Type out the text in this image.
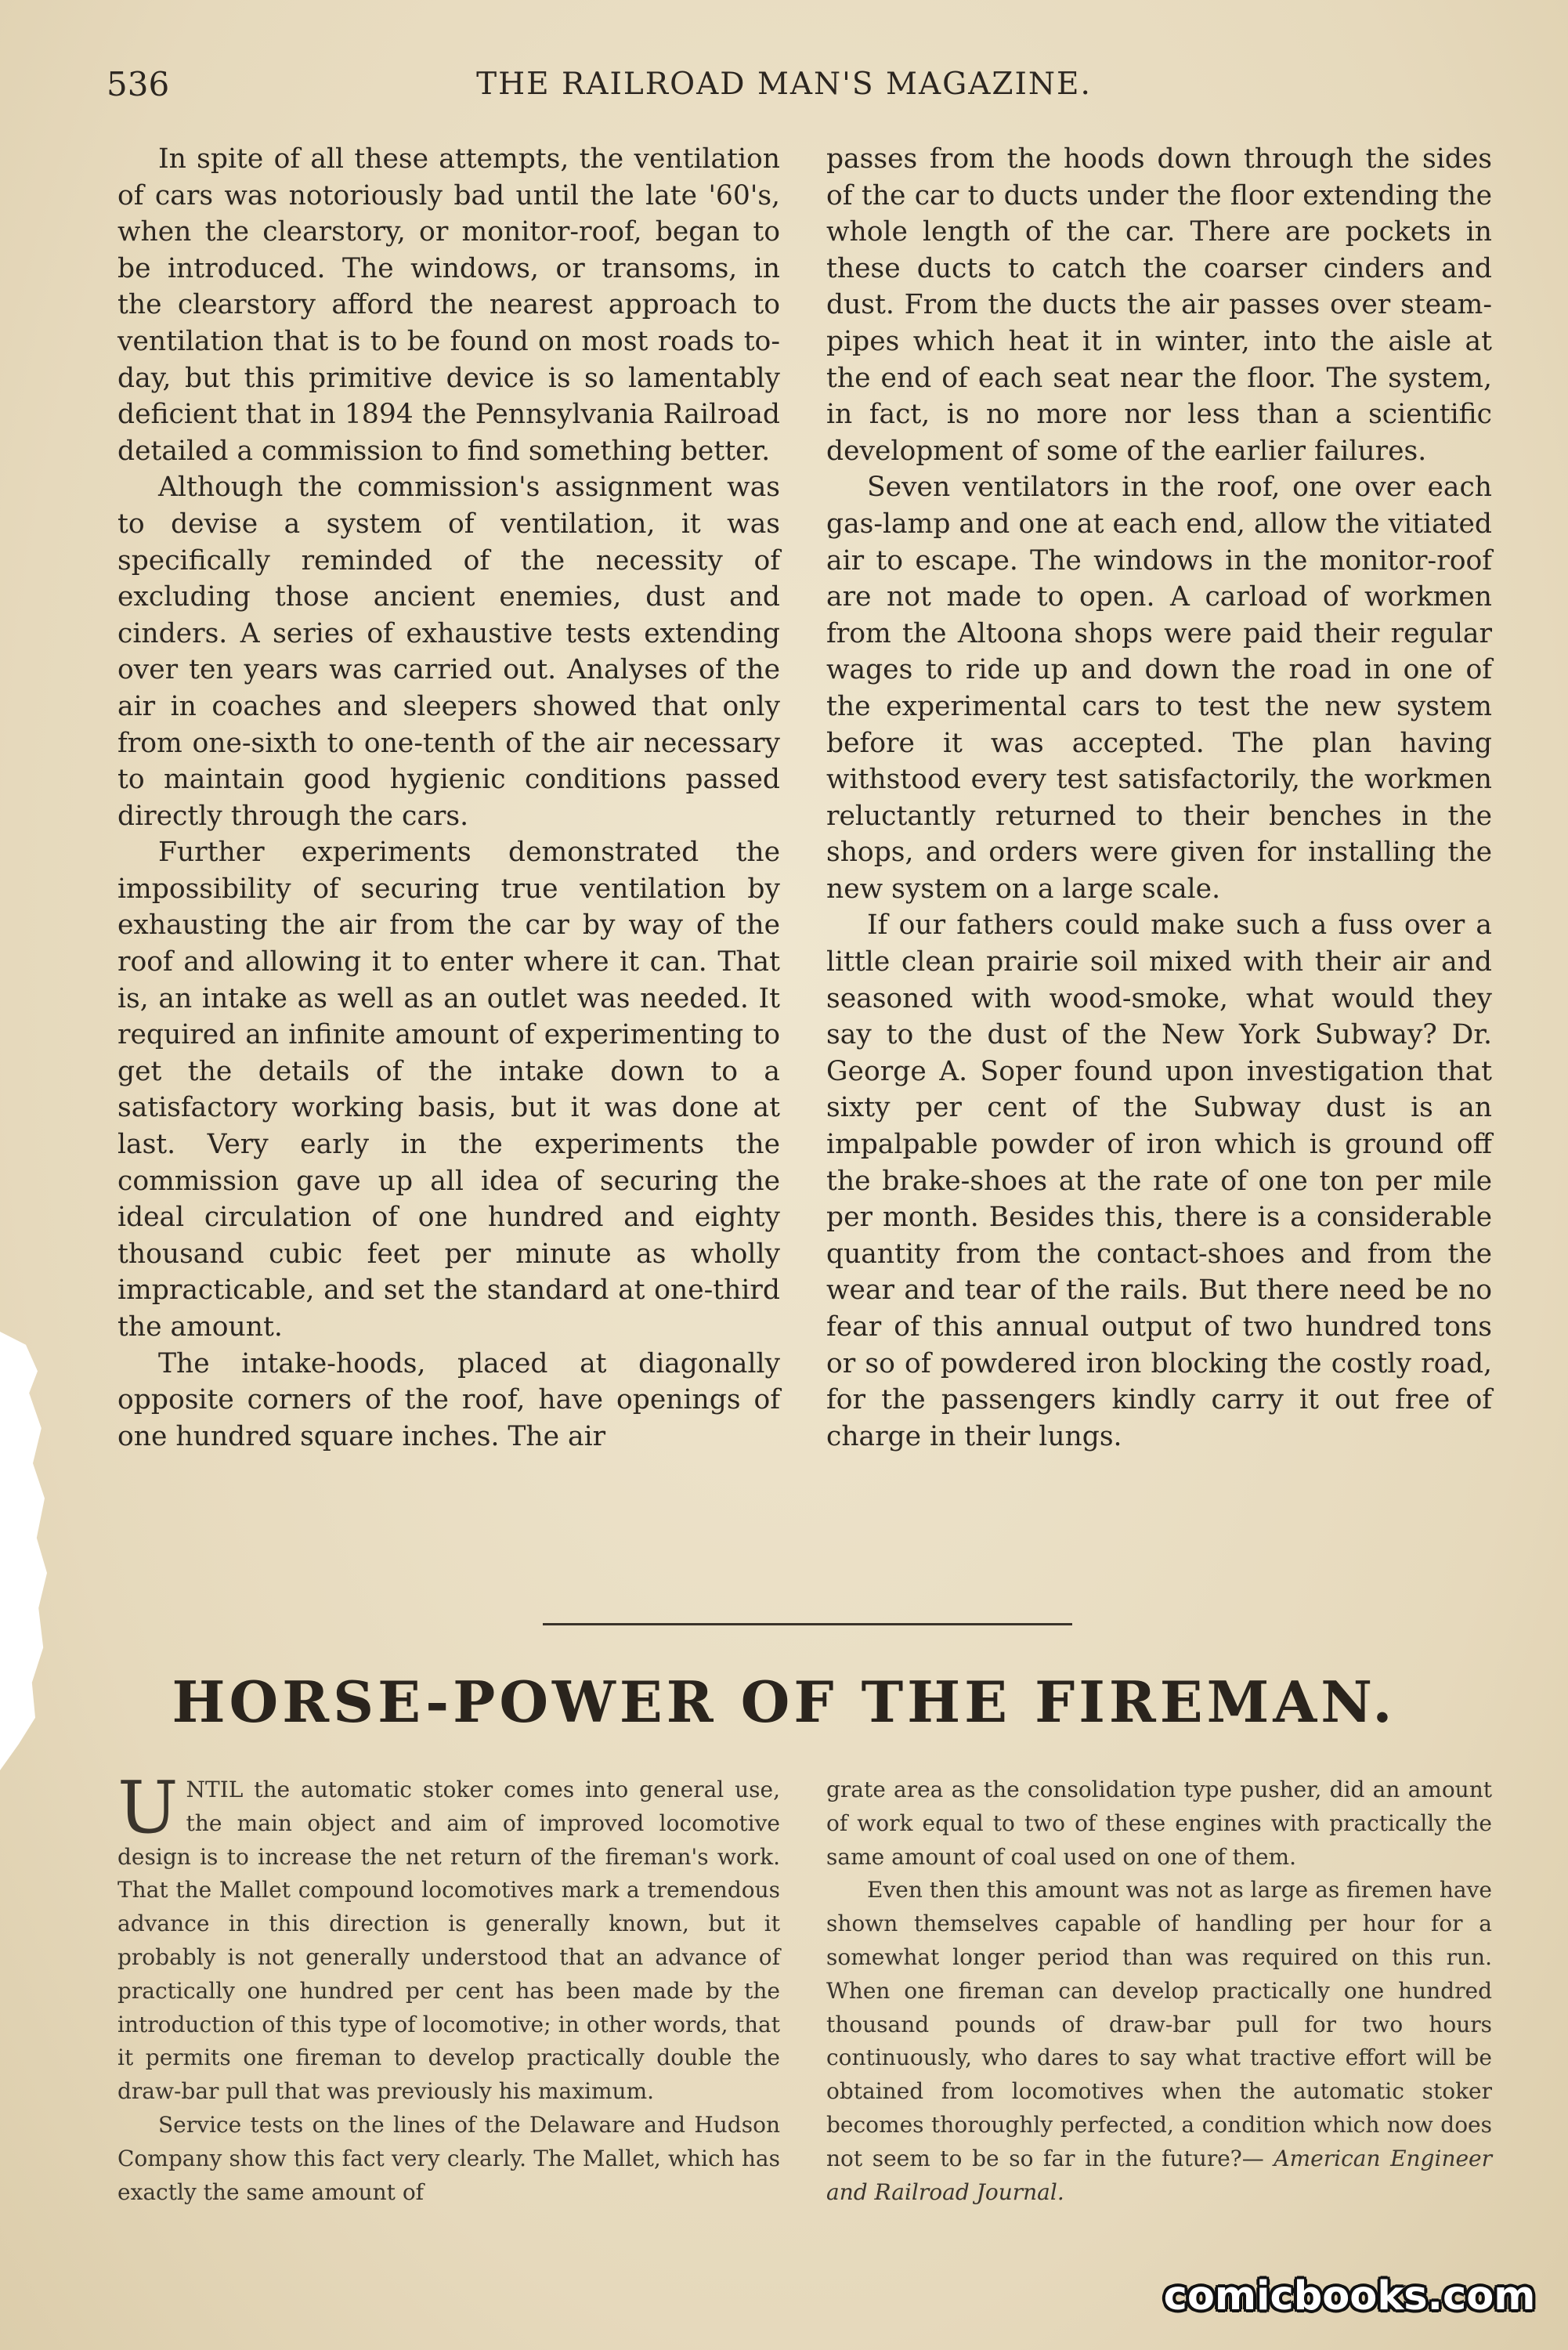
536	THE RAILROAD MAN'S MAGAZINE.

In spite of all these attempts, the ventilation of cars was notoriously bad until the late '60's, when the clearstory, or monitor-roof, began to be introduced. The windows, or transoms, in the clearstory afford the nearest approach to ventilation that is to be found on most roads to-day, but this primitive device is so lamentably deficient that in 1894 the Pennsylvania Railroad detailed a commission to find something better.

Although the commission's assignment was to devise a system of ventilation, it was specifically reminded of the necessity of excluding those ancient enemies, dust and cinders. A series of exhaustive tests extending over ten years was carried out. Analyses of the air in coaches and sleepers showed that only from one-sixth to one-tenth of the air necessary to maintain good hygienic conditions passed directly through the cars.

Further experiments demonstrated the impossibility of securing true ventilation by exhausting the air from the car by way of the roof and allowing it to enter where it can. That is, an intake as well as an outlet was needed. It required an infinite amount of experimenting to get the details of the intake down to a satisfactory working basis, but it was done at last. Very early in the experiments the commission gave up all idea of securing the ideal circulation of one hundred and eighty thousand cubic feet per minute as wholly impracticable, and set the standard at one-third the amount.

The intake-hoods, placed at diagonally opposite corners of the roof, have openings of one hundred square inches. The air

passes from the hoods down through the sides of the car to ducts under the floor extending the whole length of the car. There are pockets in these ducts to catch the coarser cinders and dust. From the ducts the air passes over steam-pipes which heat it in winter, into the aisle at the end of each seat near the floor. The system, in fact, is no more nor less than a scientific development of some of the earlier failures.

Seven ventilators in the roof, one over each gas-lamp and one at each end, allow the vitiated air to escape. The windows in the monitor-roof are not made to open. A carload of workmen from the Altoona shops were paid their regular wages to ride up and down the road in one of the experimental cars to test the new system before it was accepted. The plan having withstood every test satisfactorily, the workmen reluctantly returned to their benches in the shops, and orders were given for installing the new system on a large scale.

If our fathers could make such a fuss over a little clean prairie soil mixed with their air and seasoned with wood-smoke, what would they say to the dust of the New York Subway? Dr. George A. Soper found upon investigation that sixty per cent of the Subway dust is an impalpable powder of iron which is ground off the brake-shoes at the rate of one ton per mile per month. Besides this, there is a considerable quantity from the contact-shoes and from the wear and tear of the rails. But there need be no fear of this annual output of two hundred tons or so of powdered iron blocking the costly road, for the passengers kindly carry it out free of charge in their lungs.

HORSE-POWER OF THE FIREMAN.

UNTIL the automatic stoker comes into general use, the main object and aim of improved locomotive design is to increase the net return of the fireman's work. That the Mallet compound locomotives mark a tremendous advance in this direction is generally known, but it probably is not generally understood that an advance of practically one hundred per cent has been made by the introduction of this type of locomotive; in other words, that it permits one fireman to develop practically double the draw-bar pull that was previously his maximum.

Service tests on the lines of the Delaware and Hudson Company show this fact very clearly. The Mallet, which has exactly the same amount of

grate area as the consolidation type pusher, did an amount of work equal to two of these engines with practically the same amount of coal used on one of them.

Even then this amount was not as large as firemen have shown themselves capable of handling per hour for a somewhat longer period than was required on this run. When one fireman can develop practically one hundred thousand pounds of draw-bar pull for two hours continuously, who dares to say what tractive effort will be obtained from locomotives when the automatic stoker becomes thoroughly perfected, a condition which now does not seem to be so far in the future?— American Engineer and Railroad Journal.

comicbooks.com
